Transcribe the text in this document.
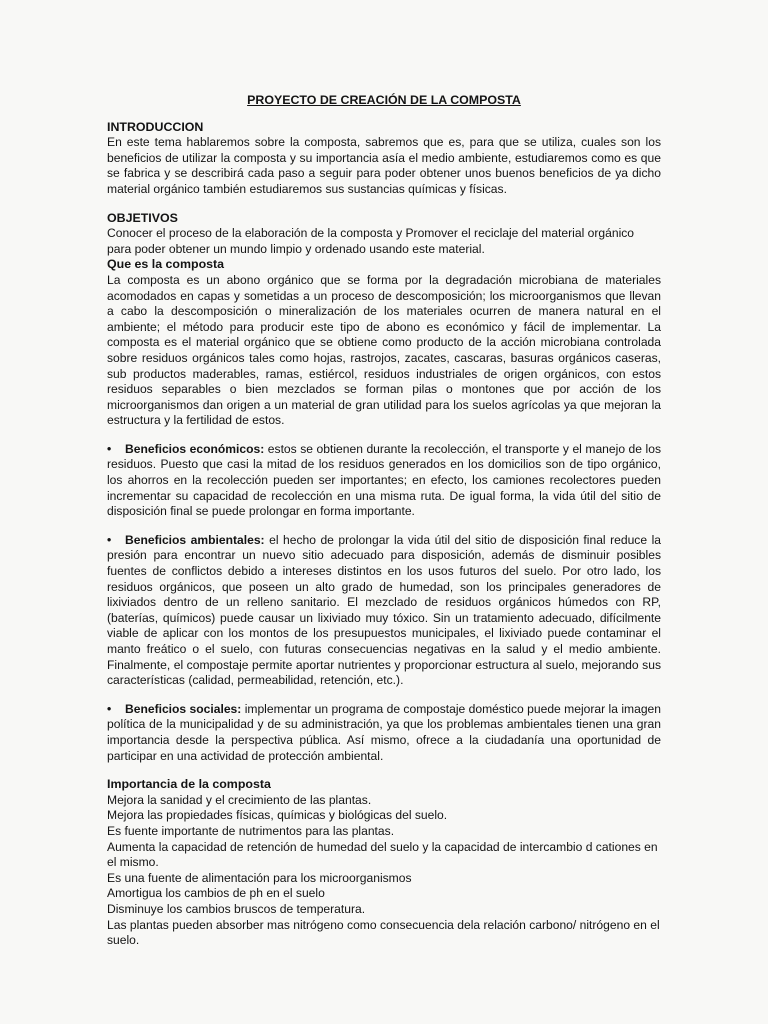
PROYECTO DE CREACIÓN DE LA COMPOSTA

INTRODUCCION

En este tema hablaremos sobre la composta, sabremos que es, para que se utiliza, cuales son los beneficios de utilizar la composta y su importancia asía el medio ambiente, estudiaremos como es que se fabrica y se describirá cada paso a seguir para poder obtener unos buenos beneficios de ya dicho material orgánico también estudiaremos sus sustancias químicas y físicas.

OBJETIVOS

Conocer el proceso de la elaboración de la composta y Promover el reciclaje del material orgánico para poder obtener un mundo limpio y ordenado usando este material.

Que es la composta

La composta es un abono orgánico que se forma por la degradación microbiana de materiales acomodados en capas y sometidas a un proceso de descomposición; los microorganismos que llevan a cabo la descomposición o mineralización de los materiales ocurren de manera natural en el ambiente; el método para producir este tipo de abono es económico y fácil de implementar. La composta es el material orgánico que se obtiene como producto de la acción microbiana controlada sobre residuos orgánicos tales como hojas, rastrojos, zacates, cascaras, basuras orgánicos caseras, sub productos maderables, ramas, estiércol, residuos industriales de origen orgánicos, con estos residuos separables o bien mezclados se forman pilas o montones que por acción de los microorganismos dan origen a un material de gran utilidad para los suelos agrícolas ya que mejoran la estructura y la fertilidad de estos.

• Beneficios económicos: estos se obtienen durante la recolección, el transporte y el manejo de los residuos. Puesto que casi la mitad de los residuos generados en los domicilios son de tipo orgánico, los ahorros en la recolección pueden ser importantes; en efecto, los camiones recolectores pueden incrementar su capacidad de recolección en una misma ruta. De igual forma, la vida útil del sitio de disposición final se puede prolongar en forma importante.

• Beneficios ambientales: el hecho de prolongar la vida útil del sitio de disposición final reduce la presión para encontrar un nuevo sitio adecuado para disposición, además de disminuir posibles fuentes de conflictos debido a intereses distintos en los usos futuros del suelo. Por otro lado, los residuos orgánicos, que poseen un alto grado de humedad, son los principales generadores de lixiviados dentro de un relleno sanitario. El mezclado de residuos orgánicos húmedos con RP, (baterías, químicos) puede causar un lixiviado muy tóxico. Sin un tratamiento adecuado, difícilmente viable de aplicar con los montos de los presupuestos municipales, el lixiviado puede contaminar el manto freático o el suelo, con futuras consecuencias negativas en la salud y el medio ambiente. Finalmente, el compostaje permite aportar nutrientes y proporcionar estructura al suelo, mejorando sus características (calidad, permeabilidad, retención, etc.).

• Beneficios sociales: implementar un programa de compostaje doméstico puede mejorar la imagen política de la municipalidad y de su administración, ya que los problemas ambientales tienen una gran importancia desde la perspectiva pública. Así mismo, ofrece a la ciudadanía una oportunidad de participar en una actividad de protección ambiental.

Importancia de la composta

Mejora la sanidad y el crecimiento de las plantas.

Mejora las propiedades físicas, químicas y biológicas del suelo.

Es fuente importante de nutrimentos para las plantas.

Aumenta la capacidad de retención de humedad del suelo y la capacidad de intercambio d cationes en el mismo.

Es una fuente de alimentación para los microorganismos

Amortigua los cambios de ph en el suelo

Disminuye los cambios bruscos de temperatura.

Las plantas pueden absorber mas nitrógeno como consecuencia dela relación carbono/ nitrógeno en el suelo.
